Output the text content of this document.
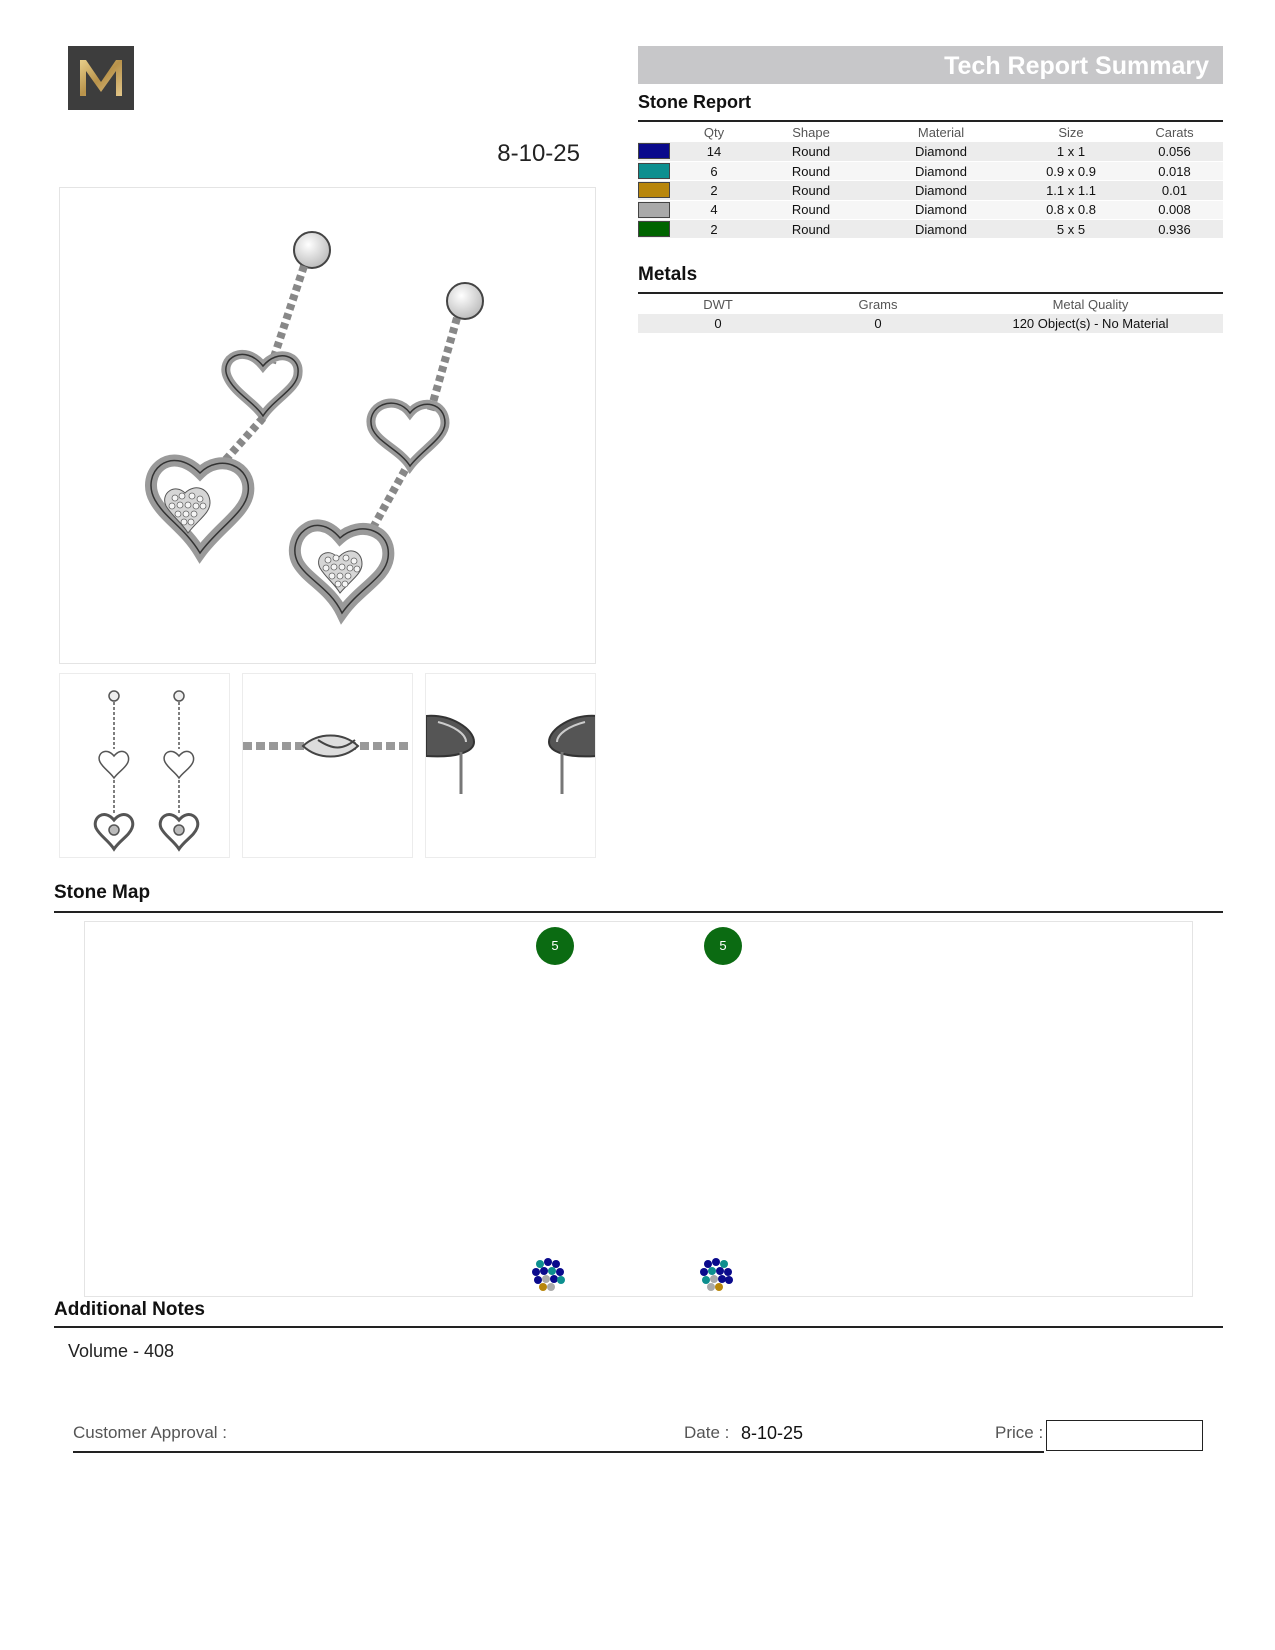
8-10-25
Tech Report Summary
Stone Report
	Qty	Shape	Material	Size	Carats

	14	Round	Diamond	1 x 1	0.056

	6	Round	Diamond	0.9 x 0.9	0.018

	2	Round	Diamond	1.1 x 1.1	0.01

	4	Round	Diamond	0.8 x 0.8	0.008

	2	Round	Diamond	5 x 5	0.936
Metals
DWT	Grams	Metal Quality
0	0	120 Object(s) - No Material
Stone Map
5	5
Additional Notes
Volume - 408
Customer Approval :	Date : 8-10-25	Price :
